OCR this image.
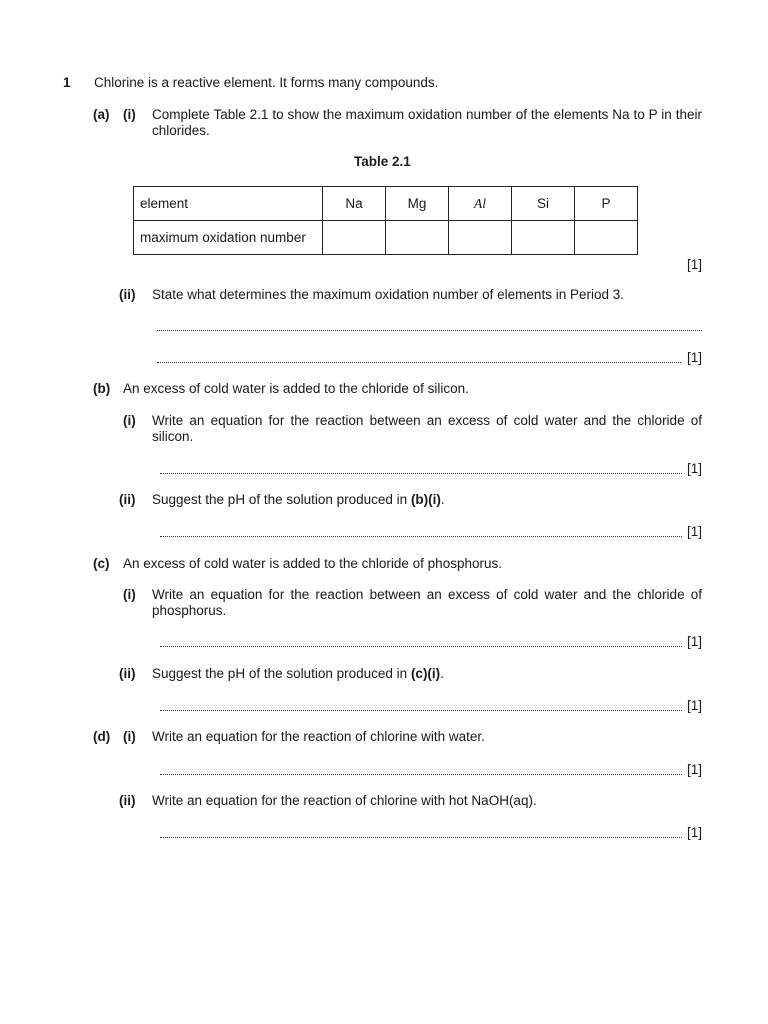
1 Chlorine is a reactive element. It forms many compounds.
(a) (i) Complete Table 2.1 to show the maximum oxidation number of the elements Na to P in their chlorides.
Table 2.1
element	Na	Mg	Al	Si	P
maximum oxidation number					
[1]
(ii) State what determines the maximum oxidation number of elements in Period 3.
[1]
(b) An excess of cold water is added to the chloride of silicon.
(i) Write an equation for the reaction between an excess of cold water and the chloride of silicon.
[1]
(ii) Suggest the pH of the solution produced in (b)(i).
[1]
(c) An excess of cold water is added to the chloride of phosphorus.
(i) Write an equation for the reaction between an excess of cold water and the chloride of phosphorus.
[1]
(ii) Suggest the pH of the solution produced in (c)(i).
[1]
(d) (i) Write an equation for the reaction of chlorine with water.
[1]
(ii) Write an equation for the reaction of chlorine with hot NaOH(aq).
[1]
